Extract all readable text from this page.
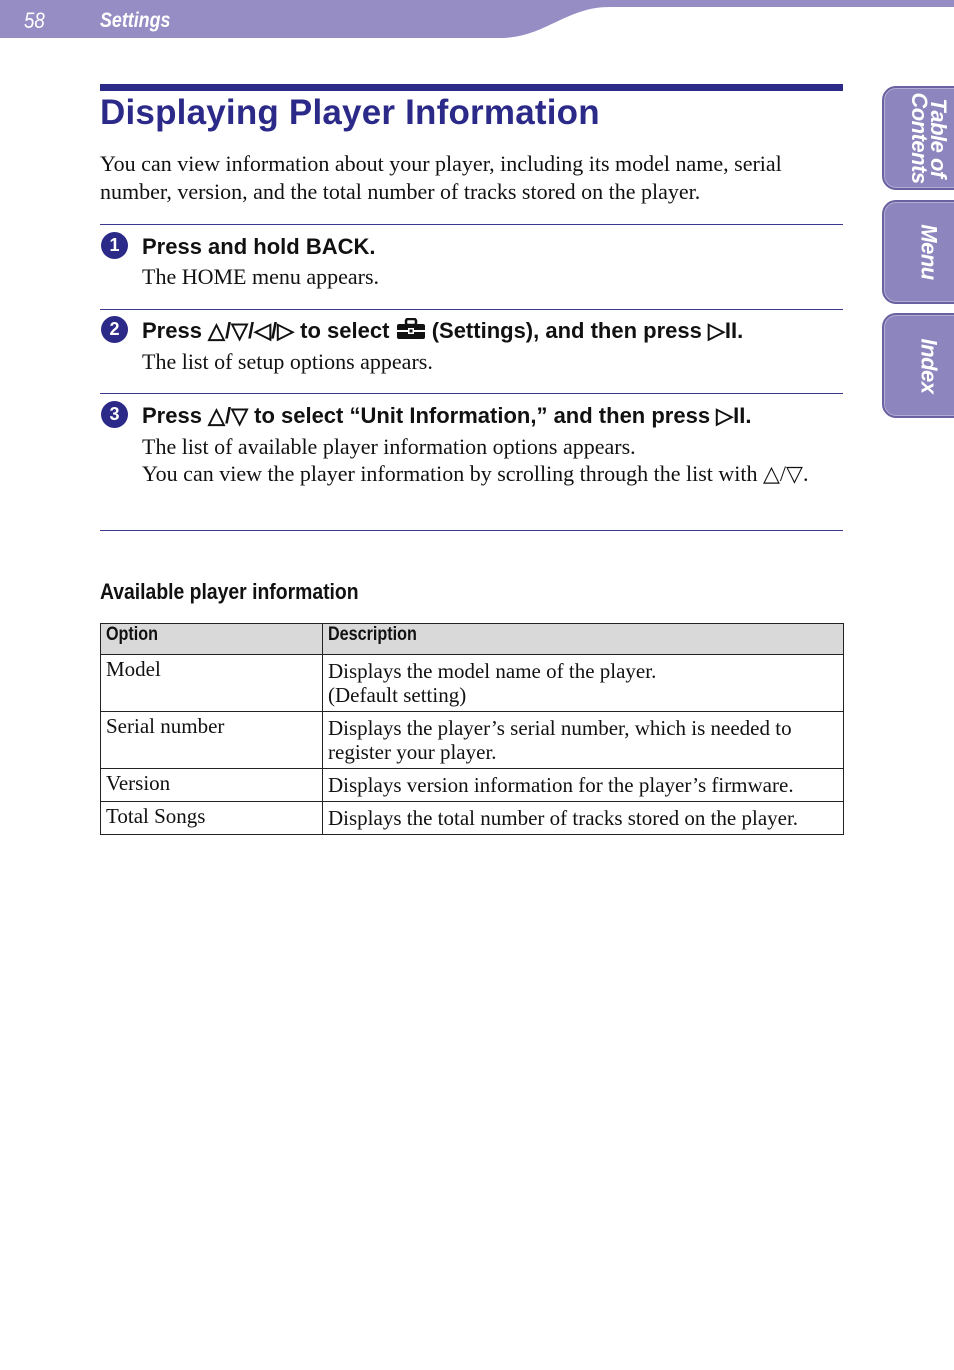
58	Settings
Table of
Contents
Menu
Index
Displaying Player Information
You can view information about your player, including its model name, serial number, version, and the total number of tracks stored on the player.
1	Press and hold BACK.
The HOME menu appears.
2	Press △/▽/◁/▷ to select (Settings), and then press ▷II.
The list of setup options appears.
3	Press △/▽ to select “Unit Information,” and then press ▷II.
The list of available player information options appears.
You can view the player information by scrolling through the list with △/▽.
Available player information
Option	Description
Model	Displays the model name of the player.
(Default setting)

Serial number	Displays the player’s serial number, which is needed to register your player.
Version	Displays version information for the player’s firmware.
Total Songs	Displays the total number of tracks stored on the player.
